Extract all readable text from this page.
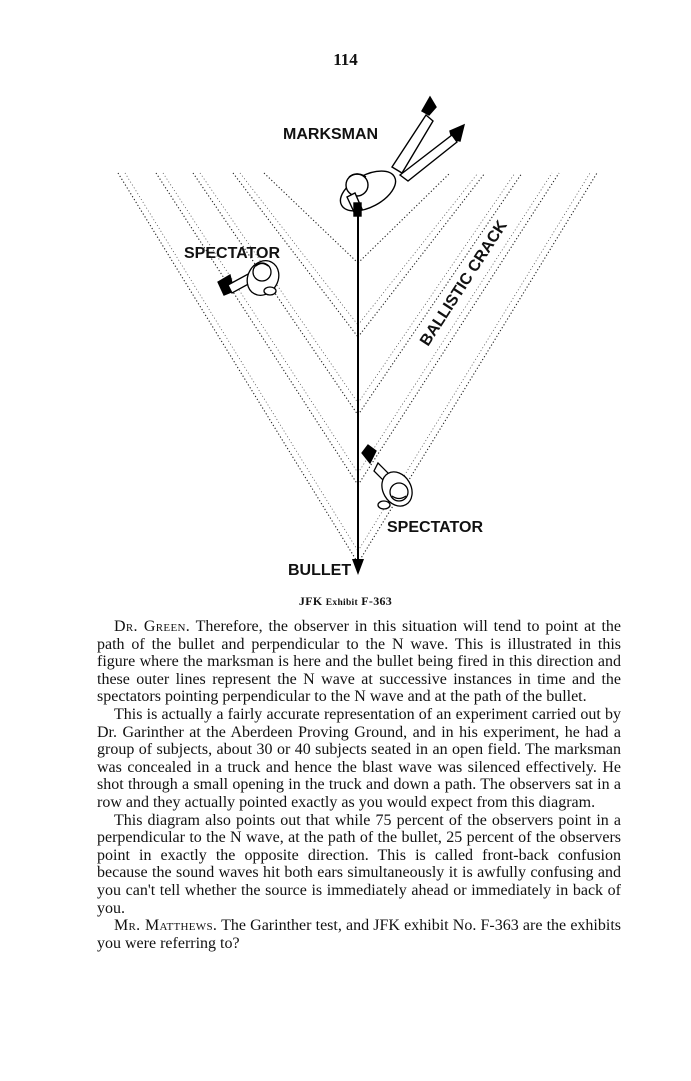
114
MARKSMAN
SPECTATOR	BALLISTIC CRACK
SPECTATOR
BULLET
JFK Exhibit F-363

Dr. Green. Therefore, the observer in this situation will tend to point at the path of the bullet and perpendicular to the N wave. This is illustrated in this figure where the marksman is here and the bullet being fired in this direction and these outer lines represent the N wave at successive instances in time and the spectators pointing perpendicular to the N wave and at the path of the bullet.

This is actually a fairly accurate representation of an experiment carried out by Dr. Garinther at the Aberdeen Proving Ground, and in his experiment, he had a group of subjects, about 30 or 40 subjects seated in an open field. The marksman was concealed in a truck and hence the blast wave was silenced effectively. He shot through a small opening in the truck and down a path. The observers sat in a row and they actually pointed exactly as you would expect from this diagram.

This diagram also points out that while 75 percent of the observers point in a perpendicular to the N wave, at the path of the bullet, 25 percent of the observers point in exactly the opposite direction. This is called front-back confusion because the sound waves hit both ears simultaneously it is awfully confusing and you can't tell whether the source is immediately ahead or immediately in back of you.

Mr. Matthews. The Garinther test, and JFK exhibit No. F-363 are the exhibits you were referring to?
